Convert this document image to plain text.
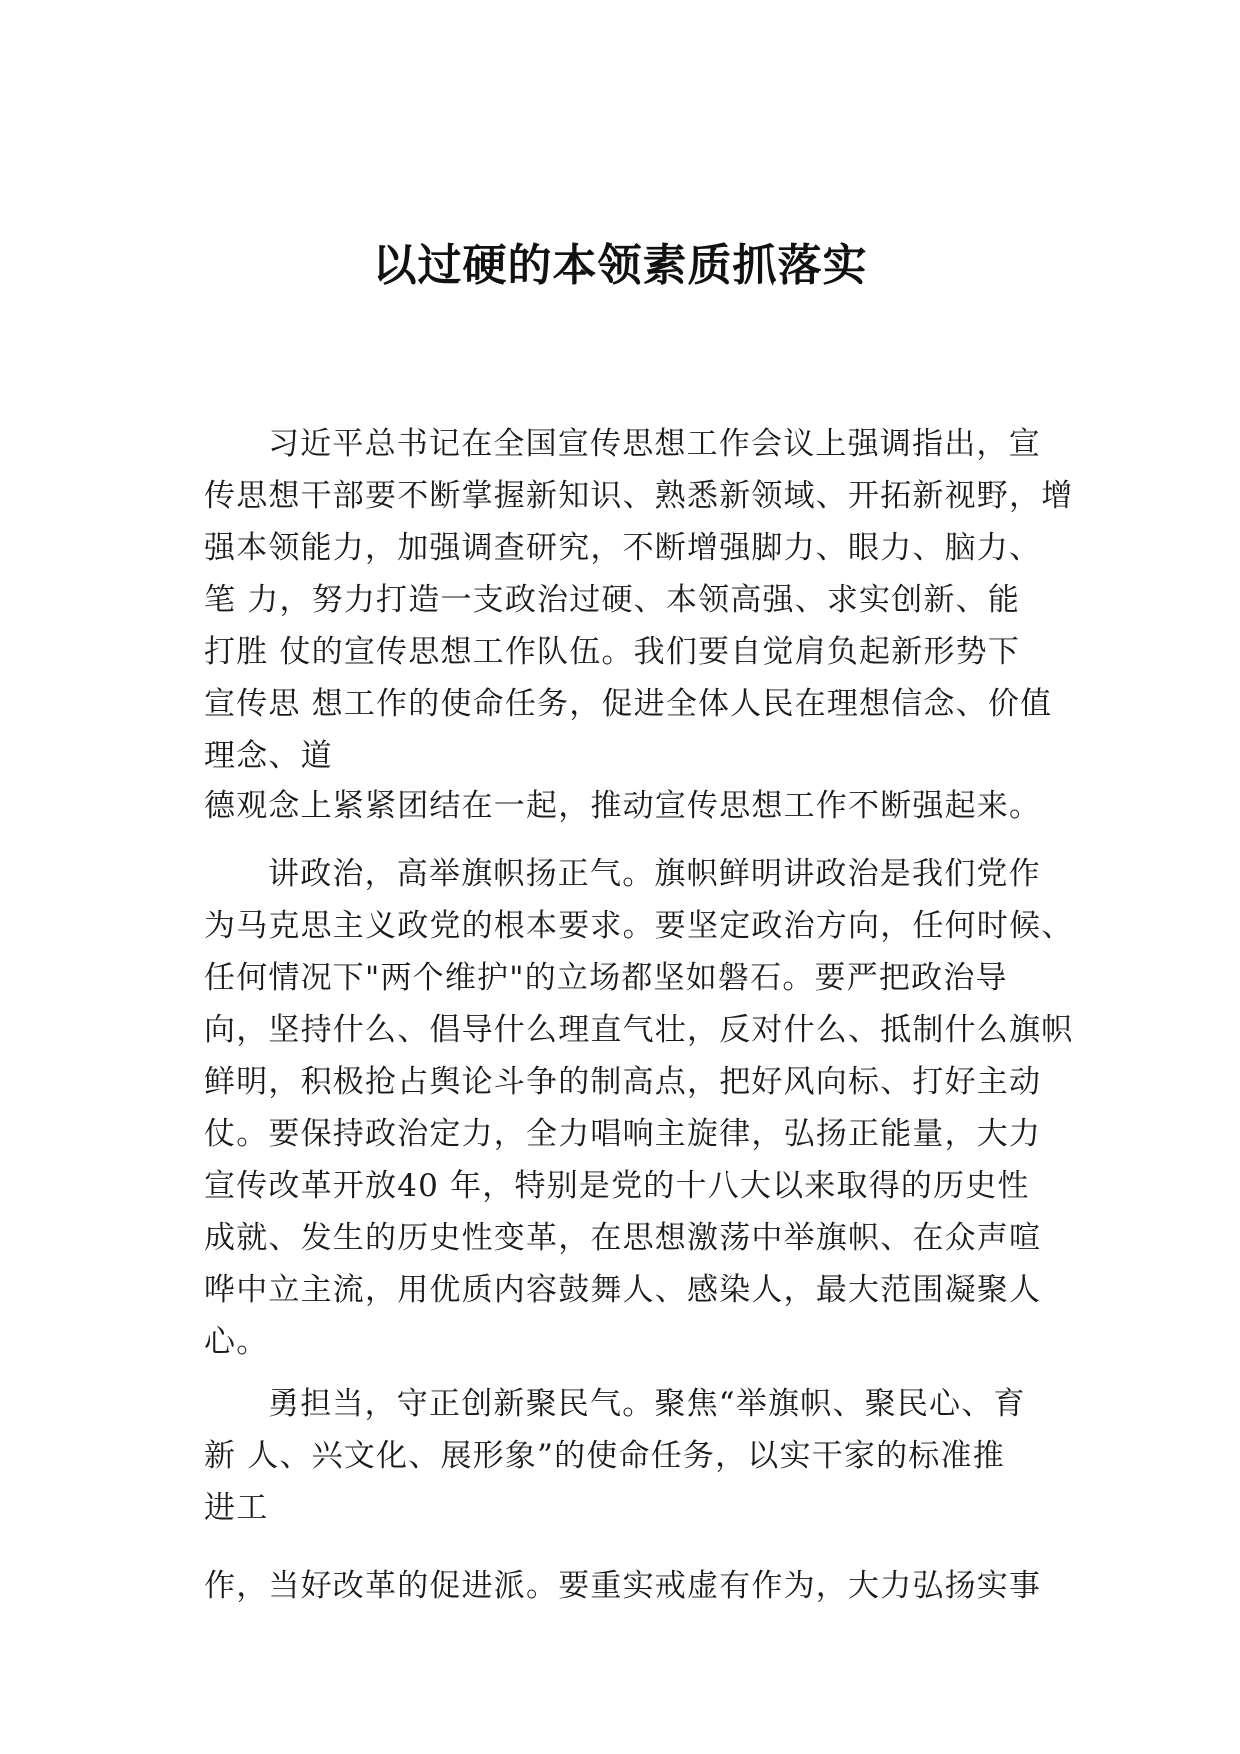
以过硬的本领素质抓落实
习近平总书记在全国宣传思想工作会议上强调指出，宣
传思想干部要不断掌握新知识、熟悉新领域、开拓新视野，增
强本领能力，加强调查研究，不断增强脚力、眼力、脑力、
笔 力，努力打造一支政治过硬、本领高强、求实创新、能
打胜 仗的宣传思想工作队伍。我们要自觉肩负起新形势下
宣传思 想工作的使命任务，促进全体人民在理想信念、价值
理念、道
德观念上紧紧团结在一起，推动宣传思想工作不断强起来。
讲政治，高举旗帜扬正气。旗帜鲜明讲政治是我们党作
为马克思主义政党的根本要求。要坚定政治方向，任何时候、
任何情况下"两个维护"的立场都坚如磐石。要严把政治导
向，坚持什么、倡导什么理直气壮，反对什么、抵制什么旗帜
鲜明，积极抢占舆论斗争的制高点，把好风向标、打好主动
仗。要保持政治定力，全力唱响主旋律，弘扬正能量，大力
宣传改革开放40 年，特别是党的十八大以来取得的历史性
成就、发生的历史性变革，在思想激荡中举旗帜、在众声喧
哗中立主流，用优质内容鼓舞人、感染人，最大范围凝聚人
心。
勇担当，守正创新聚民气。聚焦“举旗帜、聚民心、育
新 人、兴文化、展形象”的使命任务，以实干家的标准推
进工
作，当好改革的促进派。要重实戒虚有作为，大力弘扬实事
